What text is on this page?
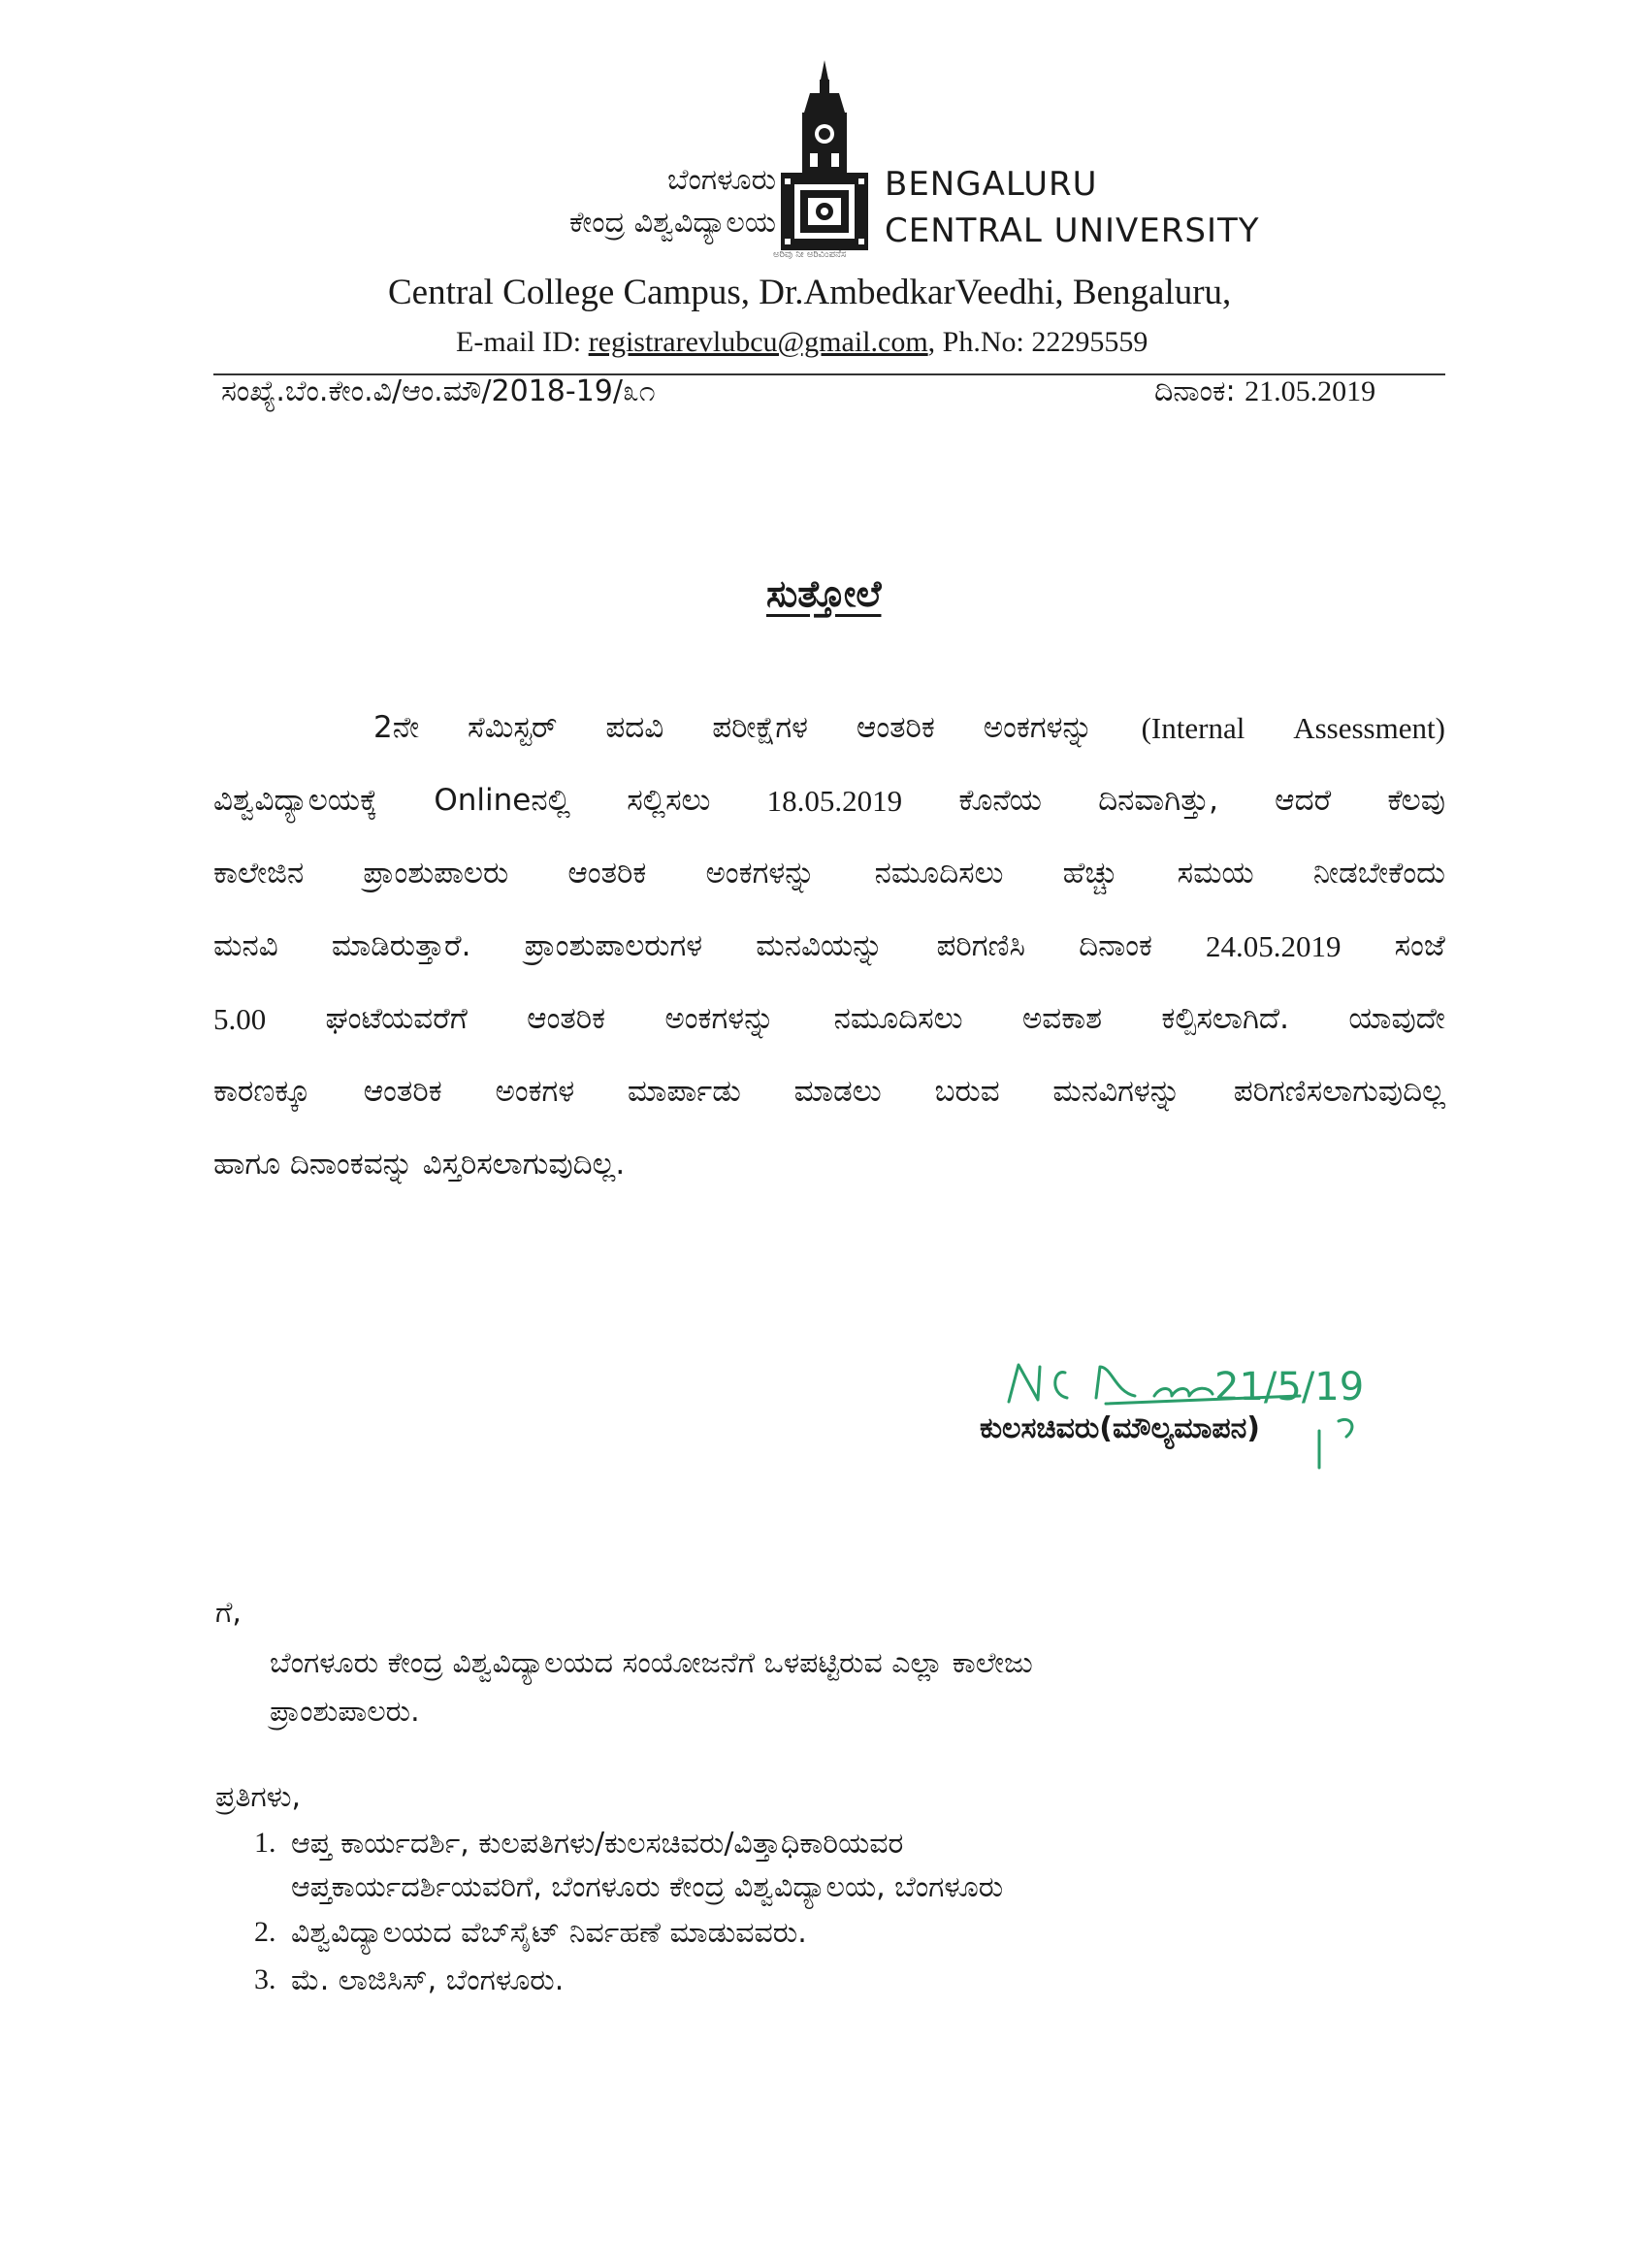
ಬೆಂಗಳೂರು
ಕೇಂದ್ರ ವಿಶ್ವವಿದ್ಯಾಲಯ
BENGALURU
CENTRAL UNIVERSITY
ಅರಿವು ನೀ ಅರಿವಿಂಪನೆಸ
Central College Campus, Dr.AmbedkarVeedhi, Bengaluru,
E-mail ID: registrarevlubcu@gmail.com, Ph.No: 22295559
ಸಂಖ್ಯೆ.ಬೆಂ.ಕೇಂ.ವಿ/ಆಂ.ಮೌ/2018-19/೩೧	ದಿನಾಂಕ: 21.05.2019
ಸುತ್ತೋಲೆ
2ನೇ ಸೆಮಿಸ್ಟರ್ ಪದವಿ ಪರೀಕ್ಷೆಗಳ ಆಂತರಿಕ ಅಂಕಗಳನ್ನು (Internal Assessment)
ವಿಶ್ವವಿದ್ಯಾಲಯಕ್ಕೆ Onlineನಲ್ಲಿ ಸಲ್ಲಿಸಲು 18.05.2019 ಕೊನೆಯ ದಿನವಾಗಿತ್ತು, ಆದರೆ ಕೆಲವು
ಕಾಲೇಜಿನ ಪ್ರಾಂಶುಪಾಲರು ಆಂತರಿಕ ಅಂಕಗಳನ್ನು ನಮೂದಿಸಲು ಹೆಚ್ಚು ಸಮಯ ನೀಡಬೇಕೆಂದು
ಮನವಿ ಮಾಡಿರುತ್ತಾರೆ. ಪ್ರಾಂಶುಪಾಲರುಗಳ ಮನವಿಯನ್ನು ಪರಿಗಣಿಸಿ ದಿನಾಂಕ 24.05.2019 ಸಂಜೆ
5.00 ಘಂಟೆಯವರೆಗೆ ಆಂತರಿಕ ಅಂಕಗಳನ್ನು ನಮೂದಿಸಲು ಅವಕಾಶ ಕಲ್ಪಿಸಲಾಗಿದೆ. ಯಾವುದೇ
ಕಾರಣಕ್ಕೂ ಆಂತರಿಕ ಅಂಕಗಳ ಮಾರ್ಪಾಡು ಮಾಡಲು ಬರುವ ಮನವಿಗಳನ್ನು ಪರಿಗಣಿಸಲಾಗುವುದಿಲ್ಲ
ಹಾಗೂ ದಿನಾಂಕವನ್ನು ವಿಸ್ತರಿಸಲಾಗುವುದಿಲ್ಲ.
21/5/19
ಕುಲಸಚಿವರು(ಮೌಲ್ಯಮಾಪನ)
ಗೆ,
ಬೆಂಗಳೂರು ಕೇಂದ್ರ ವಿಶ್ವವಿದ್ಯಾಲಯದ ಸಂಯೋಜನೆಗೆ ಒಳಪಟ್ಟಿರುವ ಎಲ್ಲಾ ಕಾಲೇಜು
ಪ್ರಾಂಶುಪಾಲರು.
ಪ್ರತಿಗಳು,
1. ಆಪ್ತ ಕಾರ್ಯದರ್ಶಿ, ಕುಲಪತಿಗಳು/ಕುಲಸಚಿವರು/ವಿತ್ತಾಧಿಕಾರಿಯವರ
ಆಪ್ತಕಾರ್ಯದರ್ಶಿಯವರಿಗೆ, ಬೆಂಗಳೂರು ಕೇಂದ್ರ ವಿಶ್ವವಿದ್ಯಾಲಯ, ಬೆಂಗಳೂರು
2. ವಿಶ್ವವಿದ್ಯಾಲಯದ ವೆಬ್‌ಸೈಟ್ ನಿರ್ವಹಣೆ ಮಾಡುವವರು.
3. ಮೆ. ಲಾಜಿಸಿಸ್, ಬೆಂಗಳೂರು.
